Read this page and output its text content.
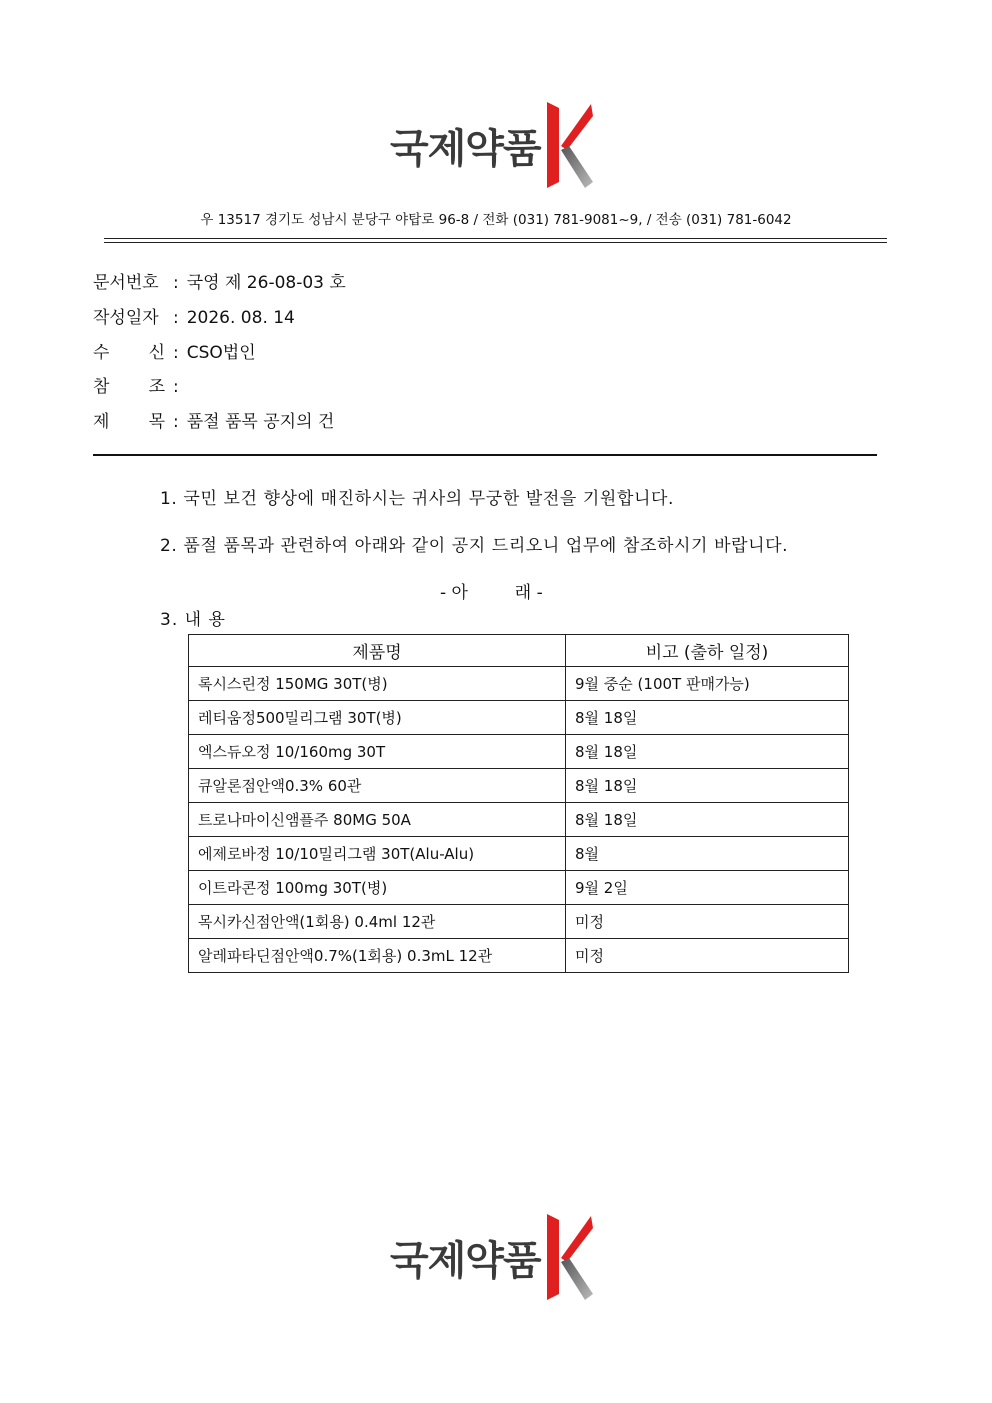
국제약품
우 13517 경기도 성남시 분당구 야탑로 96-8 / 전화 (031) 781-9081~9, / 전송 (031) 781-6042
문서번호 : 국영 제 26-08-03 호
작성일자 : 2026. 08. 14
수 신 : CSO법인
참 조 :
제 목 : 품절 품목 공지의 건
1. 국민 보건 향상에 매진하시는 귀사의 무궁한 발전을 기원합니다.
2. 품절 품목과 관련하여 아래와 같이 공지 드리오니 업무에 참조하시기 바랍니다.
- 아	래 -
3. 내 용
제품명	비고 (출하 일정)
록시스린정 150MG 30T(병)	9월 중순 (100T 판매가능)
레티움정500밀리그램 30T(병)	8월 18일
엑스듀오정 10/160mg 30T	8월 18일
큐알론점안액0.3% 60관	8월 18일
트로나마이신앰플주 80MG 50A	8월 18일
에제로바정 10/10밀리그램 30T(Alu-Alu)	8월
이트라콘정 100mg 30T(병)	9월 2일
목시카신점안액(1회용) 0.4ml 12관	미정
알레파타딘점안액0.7%(1회용) 0.3mL 12관	미정
국제약품
